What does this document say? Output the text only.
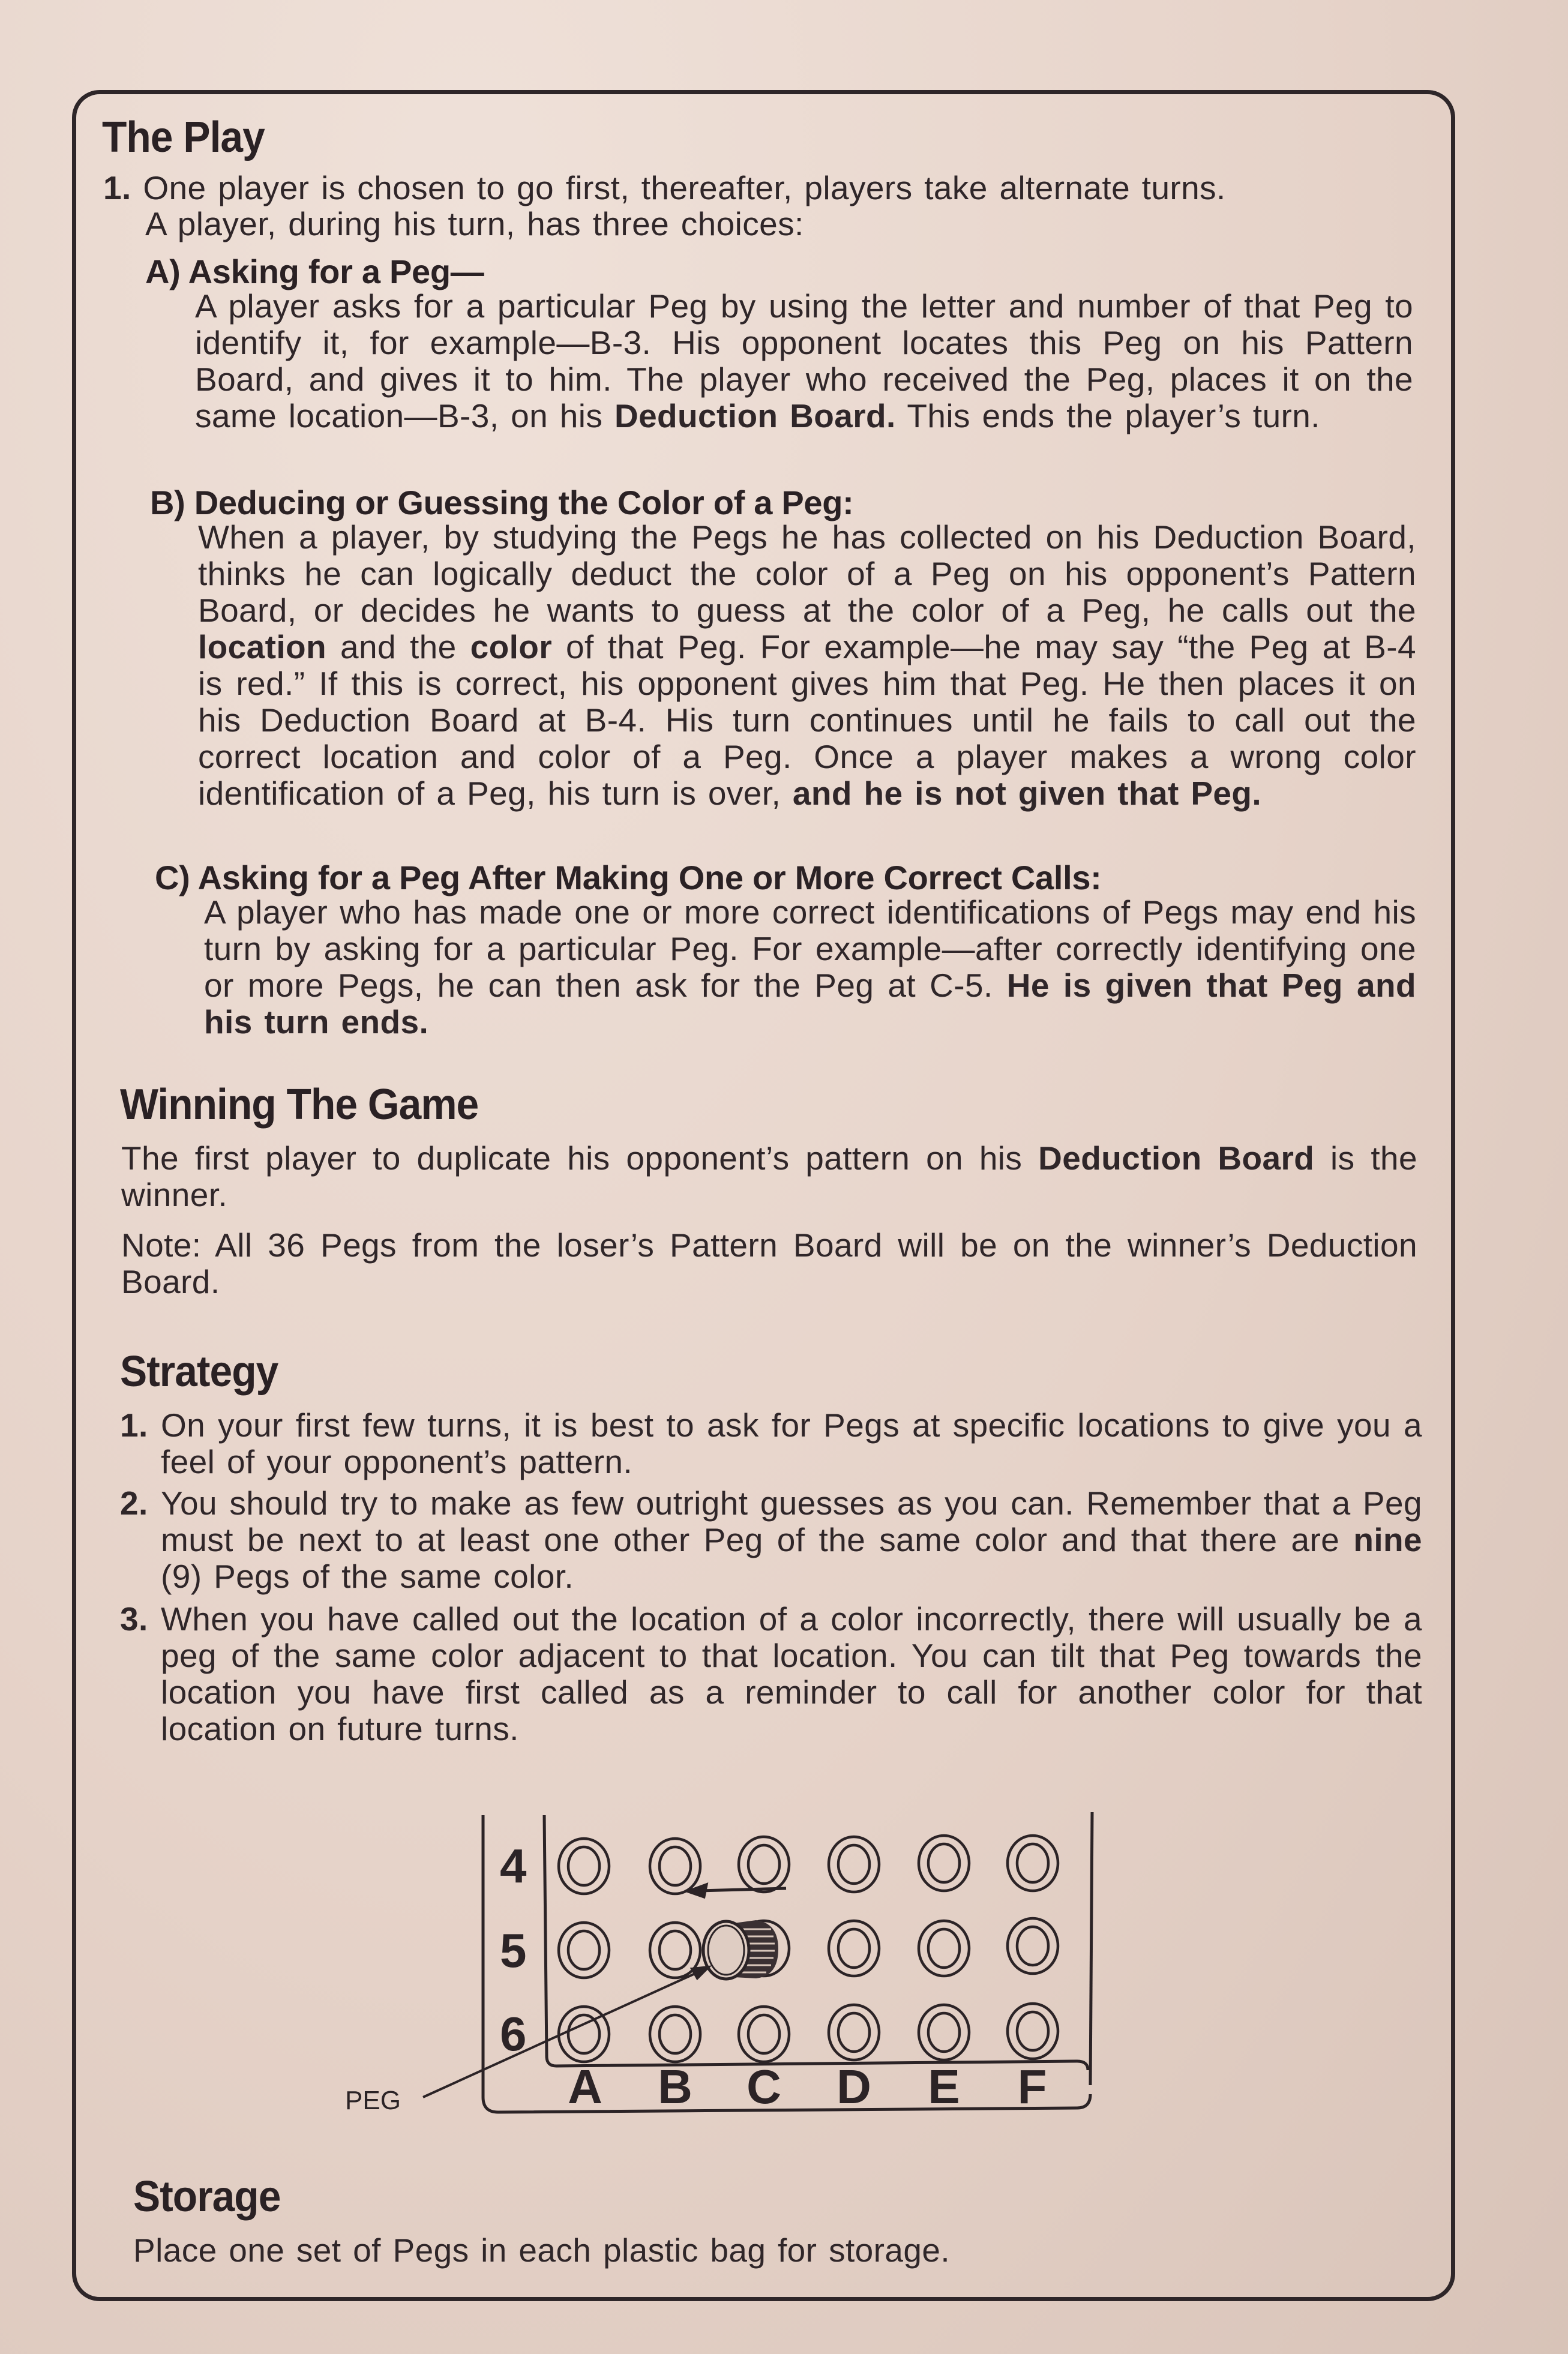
The Play
1. One player is chosen to go first, thereafter, players take alternate turns.
A player, during his turn, has three choices:
A) Asking for a Peg—
A player asks for a particular Peg by using the letter and number of that Peg to identify it, for example—B-3. His opponent locates this Peg on his Pattern Board, and gives it to him. The player who received the Peg, places it on the same location—B-3, on his Deduction Board. This ends the player’s turn.
B) Deducing or Guessing the Color of a Peg:
When a player, by studying the Pegs he has collected on his Deduction Board, thinks he can logically deduct the color of a Peg on his opponent’s Pattern Board, or decides he wants to guess at the color of a Peg, he calls out the location and the color of that Peg. For example—he may say “the Peg at B-4 is red.” If this is correct, his opponent gives him that Peg. He then places it on his Deduction Board at B-4. His turn continues until he fails to call out the correct location and color of a Peg. Once a player makes a wrong color identification of a Peg, his turn is over, and he is not given that Peg.
C) Asking for a Peg After Making One or More Correct Calls:
A player who has made one or more correct identifications of Pegs may end his turn by asking for a particular Peg. For example—after correctly identifying one or more Pegs, he can then ask for the Peg at C-5. He is given that Peg and his turn ends.
Winning The Game
The first player to duplicate his opponent’s pattern on his Deduction Board is the winner.
Note: All 36 Pegs from the loser’s Pattern Board will be on the winner’s Deduction Board.
Strategy
1. On your first few turns, it is best to ask for Pegs at specific locations to give you a feel of your opponent’s pattern.
2. You should try to make as few outright guesses as you can. Remember that a Peg must be next to at least one other Peg of the same color and that there are nine (9) Pegs of the same color.
3. When you have called out the location of a color incorrectly, there will usually be a peg of the same color adjacent to that location. You can tilt that Peg towards the location you have first called as a reminder to call for another color for that location on future turns.
4
5
6
A B C D E F
PEG
Storage
Place one set of Pegs in each plastic bag for storage.
